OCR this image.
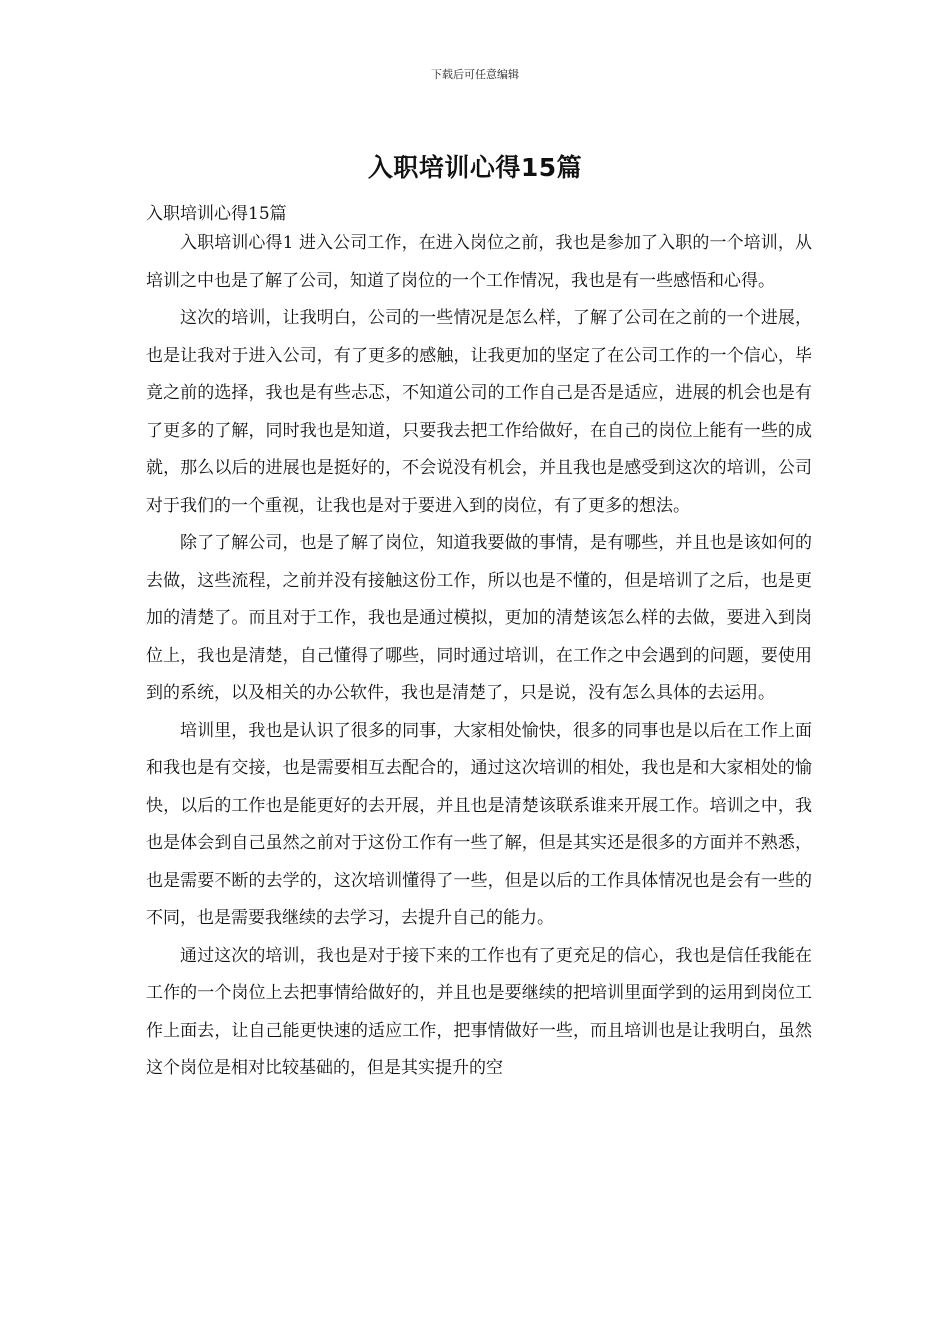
下载后可任意编辑
入职培训心得15篇
入职培训心得15篇

入职培训心得1 进入公司工作，在进入岗位之前，我也是参加了入职的一个培训，从培训之中也是了解了公司，知道了岗位的一个工作情况，我也是有一些感悟和心得。

这次的培训，让我明白，公司的一些情况是怎么样，了解了公司在之前的一个进展，也是让我对于进入公司，有了更多的感触，让我更加的坚定了在公司工作的一个信心，毕竟之前的选择，我也是有些忐忑，不知道公司的工作自己是否是适应，进展的机会也是有了更多的了解，同时我也是知道，只要我去把工作给做好，在自己的岗位上能有一些的成就，那么以后的进展也是挺好的，不会说没有机会，并且我也是感受到这次的培训，公司对于我们的一个重视，让我也是对于要进入到的岗位，有了更多的想法。

除了了解公司，也是了解了岗位，知道我要做的事情，是有哪些，并且也是该如何的去做，这些流程，之前并没有接触这份工作，所以也是不懂的，但是培训了之后，也是更加的清楚了。而且对于工作，我也是通过模拟，更加的清楚该怎么样的去做，要进入到岗位上，我也是清楚，自己懂得了哪些，同时通过培训，在工作之中会遇到的问题，要使用到的系统，以及相关的办公软件，我也是清楚了，只是说，没有怎么具体的去运用。

培训里，我也是认识了很多的同事，大家相处愉快，很多的同事也是以后在工作上面和我也是有交接，也是需要相互去配合的，通过这次培训的相处，我也是和大家相处的愉快，以后的工作也是能更好的去开展，并且也是清楚该联系谁来开展工作。培训之中，我也是体会到自己虽然之前对于这份工作有一些了解，但是其实还是很多的方面并不熟悉，也是需要不断的去学的，这次培训懂得了一些，但是以后的工作具体情况也是会有一些的不同，也是需要我继续的去学习，去提升自己的能力。

通过这次的培训，我也是对于接下来的工作也有了更充足的信心，我也是信任我能在工作的一个岗位上去把事情给做好的，并且也是要继续的把培训里面学到的运用到岗位工作上面去，让自己能更快速的适应工作，把事情做好一些，而且培训也是让我明白，虽然这个岗位是相对比较基础的，但是其实提升的空
